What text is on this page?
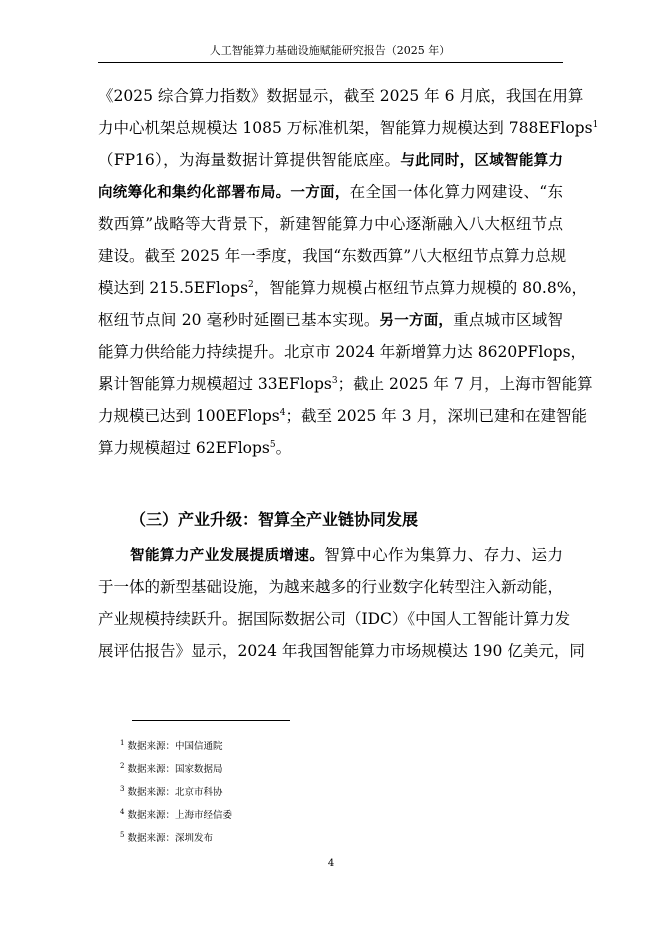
人工智能算力基础设施赋能研究报告（2025 年）
《2025 综合算力指数》数据显示，截至 2025 年 6 月底，我国在用算
力中心机架总规模达 1085 万标准机架，智能算力规模达到 788EFlops$^1$
（FP16），为海量数据计算提供智能底座。与此同时，区域智能算力
向统筹化和集约化部署布局。一方面，在全国一体化算力网建设、“东
数西算”战略等大背景下，新建智能算力中心逐渐融入八大枢纽节点
建设。截至 2025 年一季度，我国“东数西算”八大枢纽节点算力总规
模达到 215.5EFlops$^2$，智能算力规模占枢纽节点算力规模的 80.8%，
枢纽节点间 20 毫秒时延圈已基本实现。另一方面，重点城市区域智
能算力供给能力持续提升。北京市 2024 年新增算力达 8620PFlops，
累计智能算力规模超过 33EFlops$^3$；截止 2025 年 7 月，上海市智能算
力规模已达到 100EFlops$^4$；截至 2025 年 3 月，深圳已建和在建智能
算力规模超过 62EFlops$^5$。
（三）产业升级：智算全产业链协同发展
智能算力产业发展提质增速。智算中心作为集算力、存力、运力
于一体的新型基础设施，为越来越多的行业数字化转型注入新动能，
产业规模持续跃升。据国际数据公司（IDC）《中国人工智能计算力发
展评估报告》显示，2024 年我国智能算力市场规模达 190 亿美元，同
$^1$ 数据来源：中国信通院
$^2$ 数据来源：国家数据局
$^3$ 数据来源：北京市科协
$^4$ 数据来源：上海市经信委
$^5$ 数据来源：深圳发布
4
